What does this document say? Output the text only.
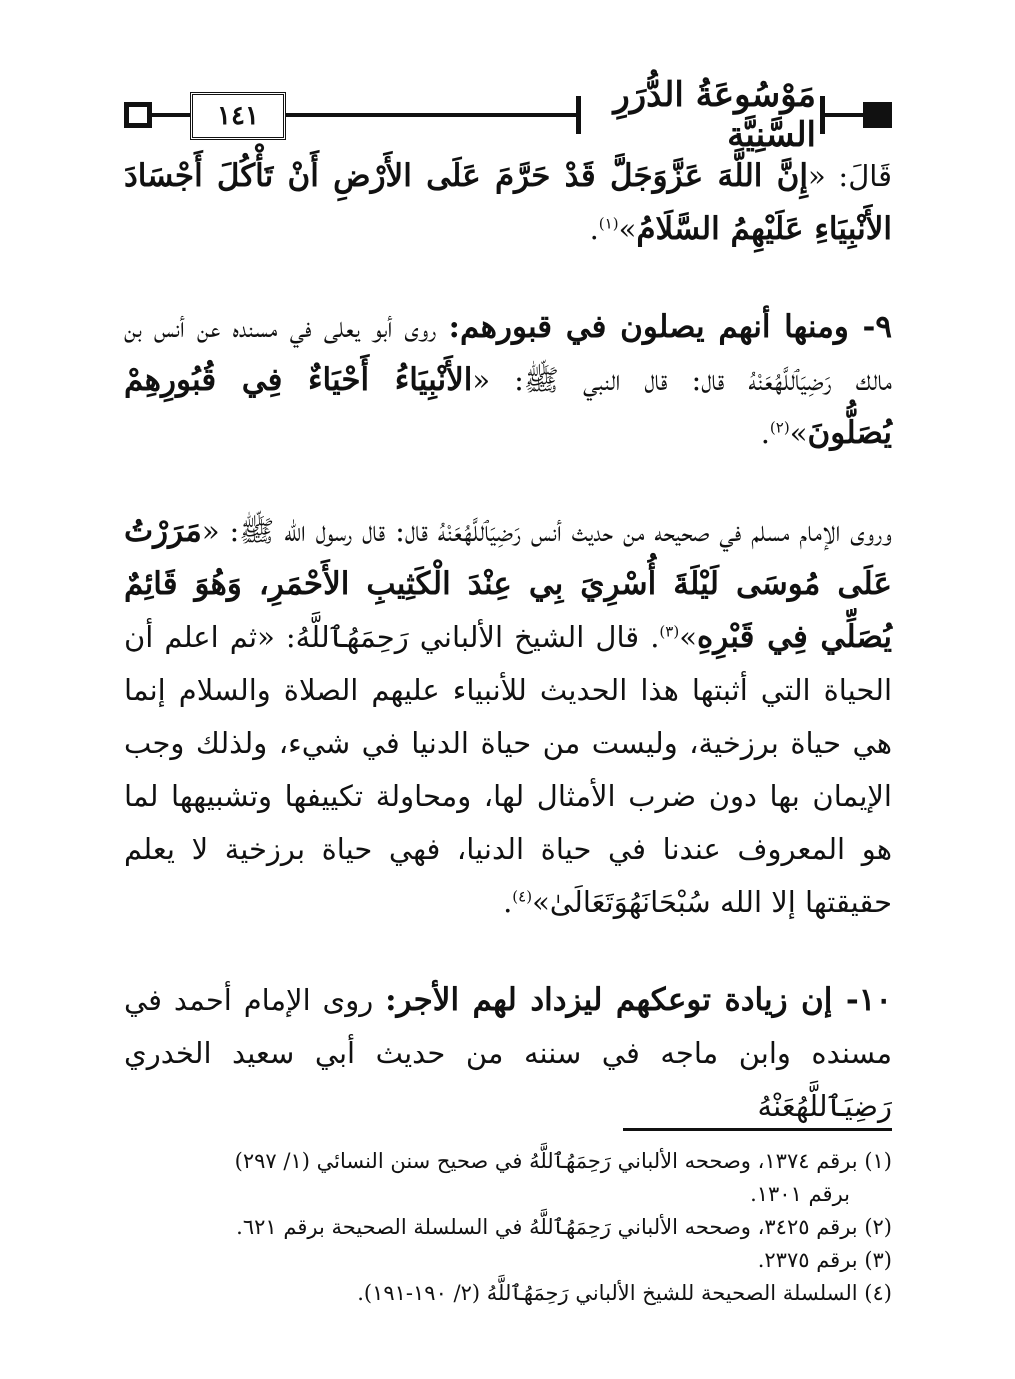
١٤١
مَوْسُوعَةُ الدُّرَرِ السَّنِيَّة

قَالَ: «إِنَّ اللَّهَ عَزَّوَجَلَّ قَدْ حَرَّمَ عَلَى الأَرْضِ أَنْ تَأْكُلَ أَجْسَادَ الأَنْبِيَاءِ عَلَيْهِمُ السَّلَامُ»$^{(١)}$.

٩- ومنها أنهم يصلون في قبورهم: روى أبو يعلى في مسنده عن أنس بن مالك رَضِيَٱللَّهُعَنْهُ قال: قال النبي ﷺ: «الأَنْبِيَاءُ أَحْيَاءٌ فِي قُبُورِهِمْ يُصَلُّونَ»$^{(٢)}$.

وروى الإمام مسلم في صحيحه من حديث أنس رَضِيَٱللَّهُعَنْهُ قال: قال رسول الله ﷺ: «مَرَرْتُ عَلَى مُوسَى لَيْلَةَ أُسْرِيَ بِي عِنْدَ الْكَثِيبِ الأَحْمَرِ، وَهُوَ قَائِمٌ يُصَلِّي فِي قَبْرِهِ»$^{(٣)}$. قال الشيخ الألباني رَحِمَهُٱللَّهُ: «ثم اعلم أن الحياة التي أثبتها هذا الحديث للأنبياء عليهم الصلاة والسلام إنما هي حياة برزخية، وليست من حياة الدنيا في شيء، ولذلك وجب الإيمان بها دون ضرب الأمثال لها، ومحاولة تكييفها وتشبيهها لما هو المعروف عندنا في حياة الدنيا، فهي حياة برزخية لا يعلم حقيقتها إلا الله سُبْحَانَهُوَتَعَالَىٰ»$^{(٤)}$.

١٠- إن زيادة توعكهم ليزداد لهم الأجر: روى الإمام أحمد في مسنده وابن ماجه في سننه من حديث أبي سعيد الخدري رَضِيَٱللَّهُعَنْهُ

(١) برقم ١٣٧٤، وصححه الألباني رَحِمَهُٱللَّهُ في صحيح سنن النسائي (١/ ٢٩٧)
برقم ١٣٠١.
(٢) برقم ٣٤٢٥، وصححه الألباني رَحِمَهُٱللَّهُ في السلسلة الصحيحة برقم ٦٢١.
(٣) برقم ٢٣٧٥.
(٤) السلسلة الصحيحة للشيخ الألباني رَحِمَهُٱللَّهُ (٢/ ١٩٠-١٩١).
